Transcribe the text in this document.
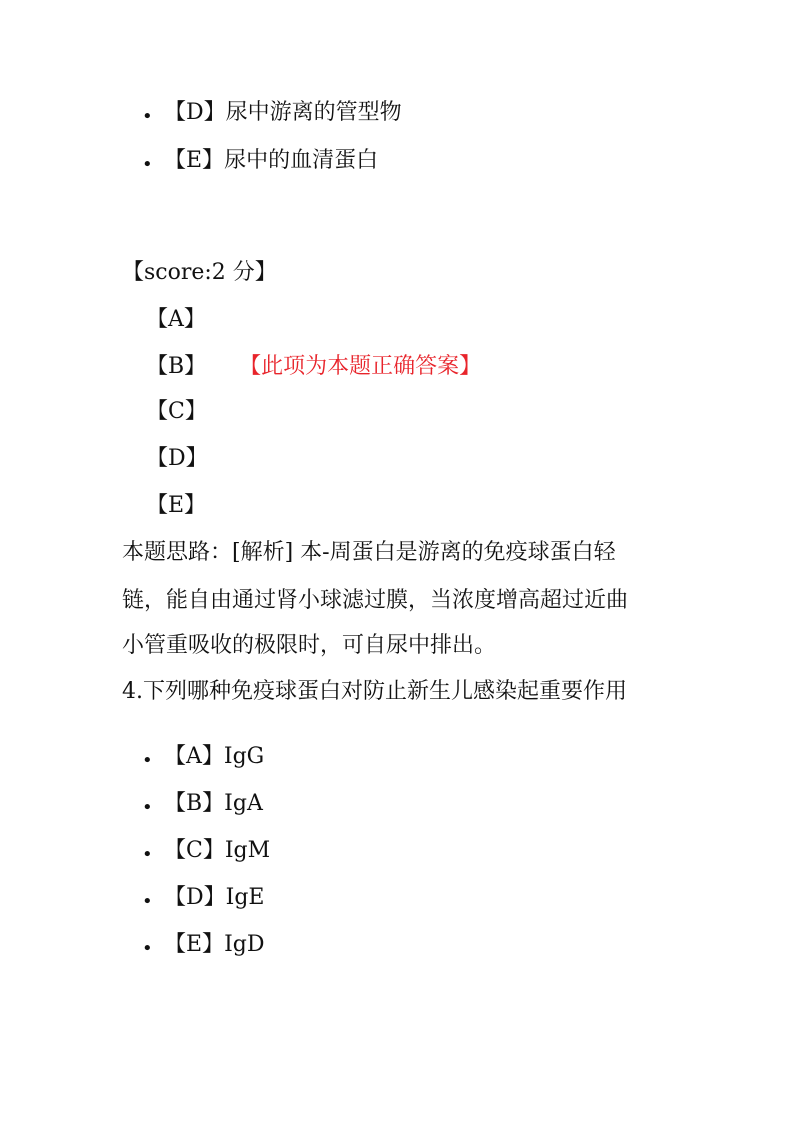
•
【D】尿中游离的管型物
•
【E】尿中的血清蛋白
【score:2 分】
【A】
【B】 【此项为本题正确答案】
【C】
【D】
【E】
本题思路：[解析] 本-周蛋白是游离的免疫球蛋白轻
链，能自由通过肾小球滤过膜，当浓度增高超过近曲
小管重吸收的极限时，可自尿中排出。
4.下列哪种免疫球蛋白对防止新生儿感染起重要作用
•
【A】IgG
•
【B】IgA
•
【C】IgM
•
【D】IgE
•
【E】IgD
